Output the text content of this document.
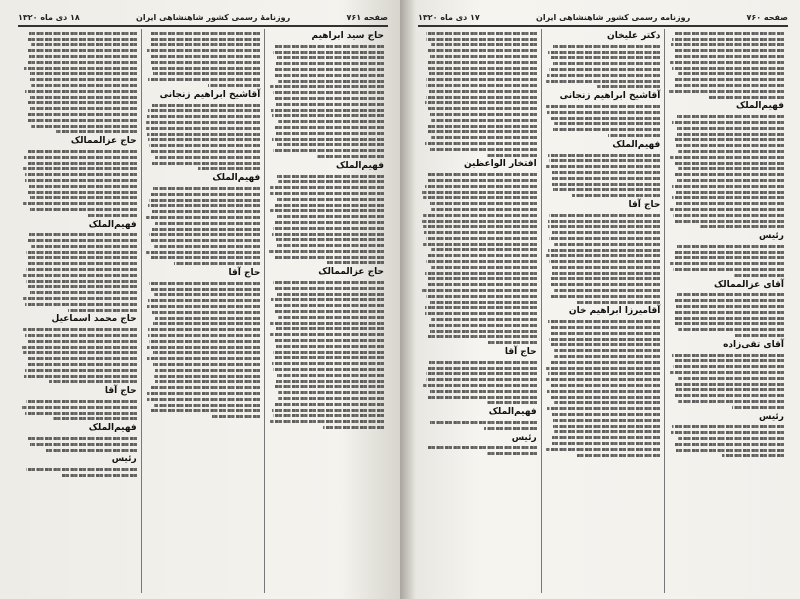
صفحه ۷۶۱
روزنامهٔ رسمی کشور شاهنشاهی ایران
۱۸ دی ماه ۱۳۲۰
حاج سید ابراهیم
فهیم‌الملک
حاج عزالممالک
آقاشیخ ابراهیم زنجانی
فهیم‌الملک
حاج آقا
حاج عزالممالک
فهیم‌الملک
حاج محمد اسماعیل
حاج آقا
فهیم‌الملک
رئیس
صفحه ۷۶۰
روزنامه رسمی کشور شاهنشاهی ایران
۱۷ دی ماه ۱۳۲۰
فهیم‌الملک
رئیس
آقای عزالممالک
آقای تقی‌زاده
رئیس
دکتر علیخان
آقاشیخ ابراهیم زنجانی
فهیم‌الملک
حاج آقا
آقامیرزا ابراهیم خان
افتخار الواعظین
حاج آقا
فهیم‌الملک
رئیس
